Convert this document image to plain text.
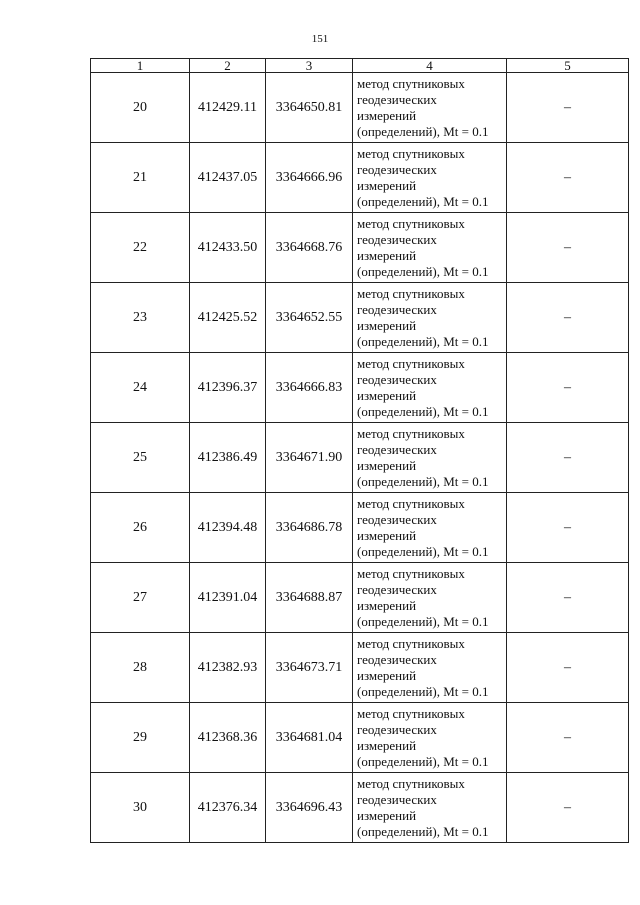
151
1	2	3	4	5
20	412429.11	3364650.81	метод спутниковых
геодезических
измерений
(определений), Mt = 0.1	–
21	412437.05	3364666.96	метод спутниковых
геодезических
измерений
(определений), Mt = 0.1	–
22	412433.50	3364668.76	метод спутниковых
геодезических
измерений
(определений), Mt = 0.1	–
23	412425.52	3364652.55	метод спутниковых
геодезических
измерений
(определений), Mt = 0.1	–
24	412396.37	3364666.83	метод спутниковых
геодезических
измерений
(определений), Mt = 0.1	–
25	412386.49	3364671.90	метод спутниковых
геодезических
измерений
(определений), Mt = 0.1	–
26	412394.48	3364686.78	метод спутниковых
геодезических
измерений
(определений), Mt = 0.1	–
27	412391.04	3364688.87	метод спутниковых
геодезических
измерений
(определений), Mt = 0.1	–
28	412382.93	3364673.71	метод спутниковых
геодезических
измерений
(определений), Mt = 0.1	–
29	412368.36	3364681.04	метод спутниковых
геодезических
измерений
(определений), Mt = 0.1	–
30	412376.34	3364696.43	метод спутниковых
геодезических
измерений
(определений), Mt = 0.1	–
